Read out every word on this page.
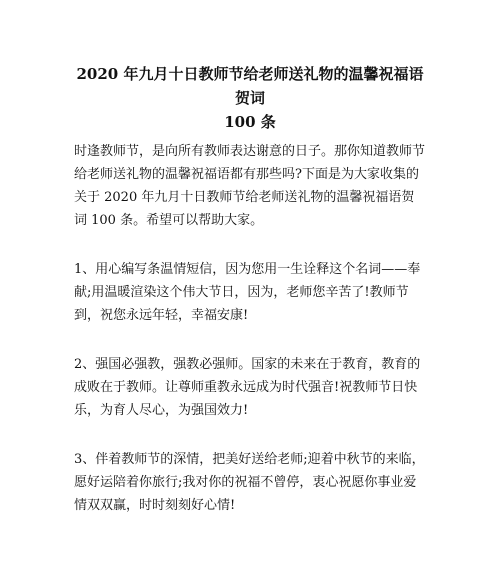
2020 年九月十日教师节给老师送礼物的温馨祝福语贺词
100 条

时逢教师节，是向所有教师表达谢意的日子。那你知道教师节给老师送礼物的温馨祝福语都有那些吗?下面是为大家收集的关于 2020 年九月十日教师节给老师送礼物的温馨祝福语贺词 100 条。希望可以帮助大家。

1、用心编写条温情短信，因为您用一生诠释这个名词——奉献;用温暖渲染这个伟大节日，因为，老师您辛苦了!教师节到，祝您永远年轻，幸福安康!

2、强国必强教，强教必强师。国家的未来在于教育，教育的成败在于教师。让尊师重教永远成为时代强音!祝教师节日快乐，为育人尽心，为强国效力!

3、伴着教师节的深情，把美好送给老师;迎着中秋节的来临，愿好运陪着你旅行;我对你的祝福不曾停，衷心祝愿你事业爱情双双赢，时时刻刻好心情!
